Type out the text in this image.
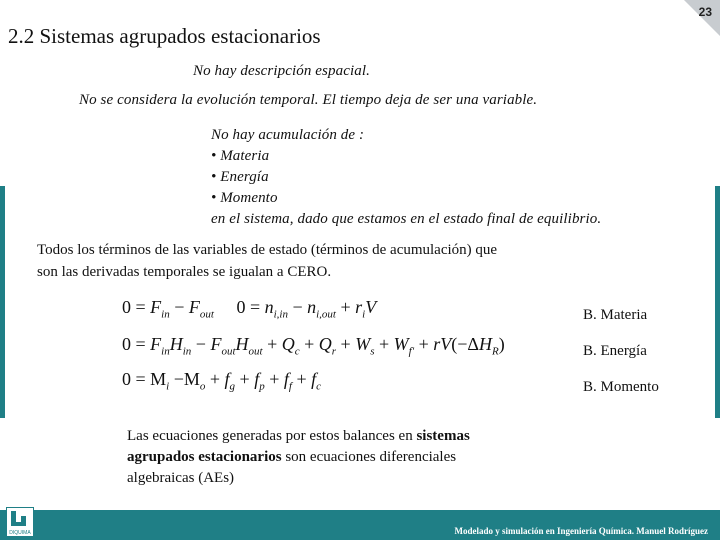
23
2.2 Sistemas agrupados estacionarios
No hay descripción espacial.
No se considera la evolución temporal. El tiempo deja de ser una variable.
No hay acumulación de :
• Materia
• Energía
• Momento
en el sistema, dado que estamos en el estado final de equilibrio.
Todos los términos de las variables de estado (términos de acumulación) que
son las derivadas temporales se igualan a CERO.
$0 = F_{in} - F_{out}$     $0 = n_{i,in} - n_{i,out} + r_iV$
$0 = F_{in}H_{in} - F_{out}H_{out} + Q_c + Q_r + W_s + W_{f'} + rV(-\Delta H_R)$
$0 = M_i -M_o + f_g + f_p + f_f + f_c$
B. Materia
B. Energía
B. Momento
Las ecuaciones generadas por estos balances en sistemas
agrupados estacionarios son ecuaciones diferenciales
algebraicas (AEs)
DIQUIMA	Modelado y simulación en Ingeniería Química. Manuel Rodríguez
